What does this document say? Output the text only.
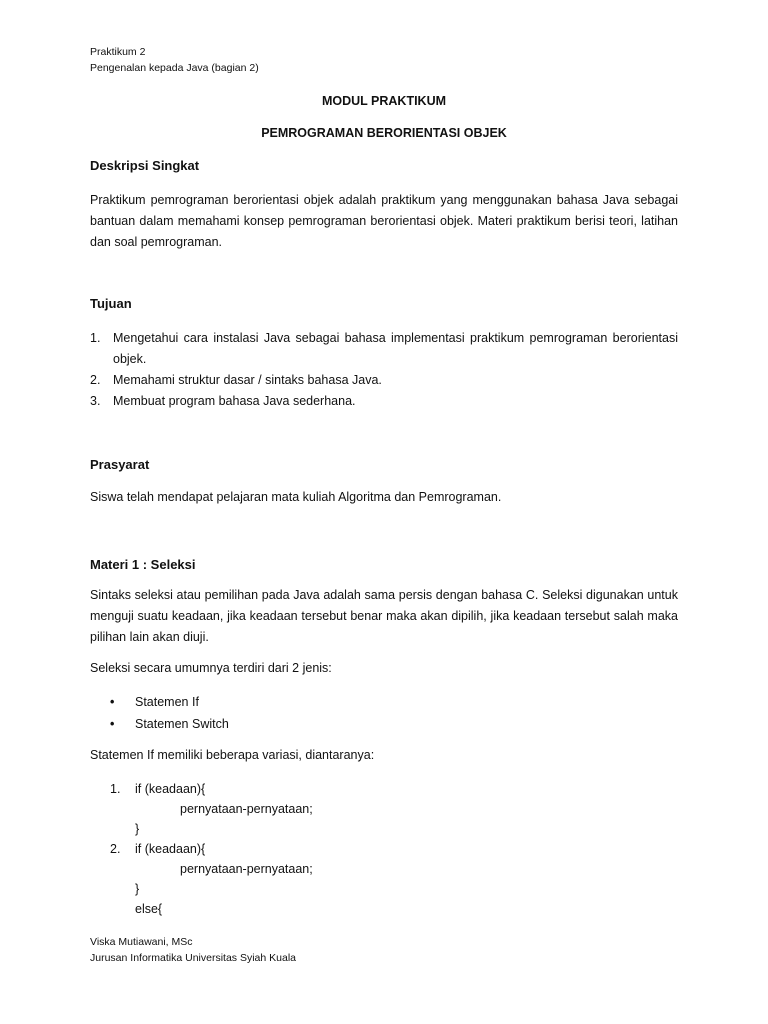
Praktikum 2
Pengenalan kepada Java (bagian 2)
MODUL PRAKTIKUM
PEMROGRAMAN BERORIENTASI OBJEK
Deskripsi Singkat
Praktikum pemrograman berorientasi objek adalah praktikum yang menggunakan bahasa Java sebagai bantuan dalam memahami konsep pemrograman berorientasi objek. Materi praktikum berisi teori, latihan dan soal pemrograman.
Tujuan
1. Mengetahui cara instalasi Java sebagai bahasa implementasi praktikum pemrograman berorientasi objek.
2. Memahami struktur dasar / sintaks bahasa Java.
3. Membuat program bahasa Java sederhana.
Prasyarat
Siswa telah mendapat pelajaran mata kuliah Algoritma dan Pemrograman.
Materi 1 : Seleksi
Sintaks seleksi atau pemilihan pada Java adalah sama persis dengan bahasa C. Seleksi digunakan untuk menguji suatu keadaan, jika keadaan tersebut benar maka akan dipilih, jika keadaan tersebut salah maka pilihan lain akan diuji.
Seleksi secara umumnya terdiri dari 2 jenis:
• Statemen If
• Statemen Switch
Statemen If memiliki beberapa variasi, diantaranya:
1. if (keadaan){
pernyataan-pernyataan;
}
2. if (keadaan){
pernyataan-pernyataan;
}
else{
Viska Mutiawani, MSc
Jurusan Informatika Universitas Syiah Kuala
